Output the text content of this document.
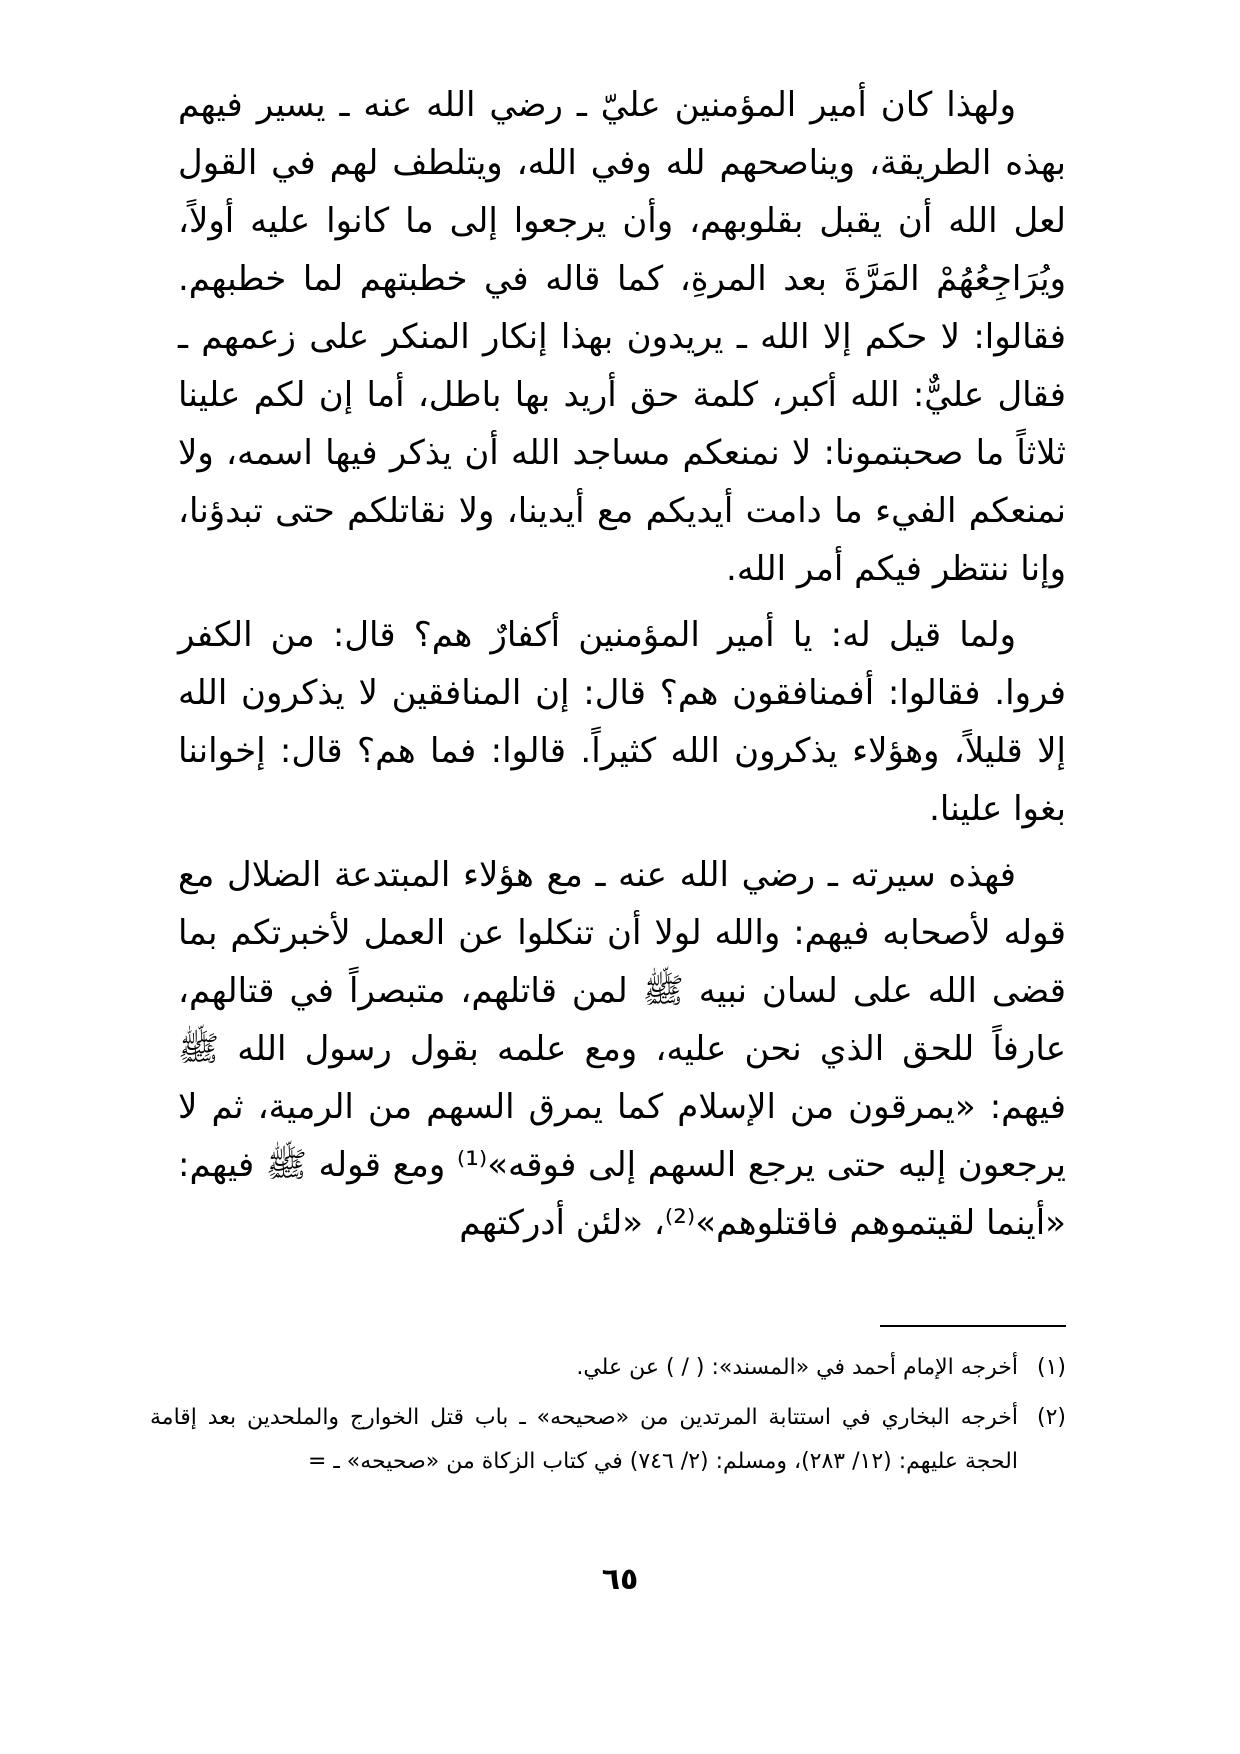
ولهذا كان أمير المؤمنين عليّ ـ رضي الله عنه ـ يسير فيهم بهذه الطريقة، ويناصحهم لله وفي الله، ويتلطف لهم في القول لعل الله أن يقبل بقلوبهم، وأن يرجعوا إلى ما كانوا عليه أولاً، ويُرَاجِعُهُمْ المَرَّةَ بعد المرةِ، كما قاله في خطبتهم لما خطبهم. فقالوا: لا حكم إلا الله ـ يريدون بهذا إنكار المنكر على زعمهم ـ فقال عليٌّ: الله أكبر، كلمة حق أريد بها باطل، أما إن لكم علينا ثلاثاً ما صحبتمونا: لا نمنعكم مساجد الله أن يذكر فيها اسمه، ولا نمنعكم الفيء ما دامت أيديكم مع أيدينا، ولا نقاتلكم حتى تبدؤنا، وإنا ننتظر فيكم أمر الله.

ولما قيل له: يا أمير المؤمنين أكفارٌ هم؟ قال: من الكفر فروا. فقالوا: أفمنافقون هم؟ قال: إن المنافقين لا يذكرون الله إلا قليلاً، وهؤلاء يذكرون الله كثيراً. قالوا: فما هم؟ قال: إخواننا بغوا علينا.

فهذه سيرته ـ رضي الله عنه ـ مع هؤلاء المبتدعة الضلال مع قوله لأصحابه فيهم: والله لولا أن تنكلوا عن العمل لأخبرتكم بما قضى الله على لسان نبيه ﷺ لمن قاتلهم، متبصراً في قتالهم، عارفاً للحق الذي نحن عليه، ومع علمه بقول رسول الله ﷺ فيهم: «يمرقون من الإسلام كما يمرق السهم من الرمية، ثم لا يرجعون إليه حتى يرجع السهم إلى فوقه»⁽¹⁾ ومع قوله ﷺ فيهم: «أينما لقيتموهم فاقتلوهم»⁽²⁾، «لئن أدركتهم

(١)
أخرجه الإمام أحمد في «المسند»: ( / ) عن علي.
(٢)
أخرجه البخاري في استتابة المرتدين من «صحيحه» ـ باب قتل الخوارج والملحدين بعد إقامة الحجة عليهم: (١٢/ ٢٨٣)، ومسلم: (٢/ ٧٤٦) في كتاب الزكاة من «صحيحه» ـ =
٦٥
